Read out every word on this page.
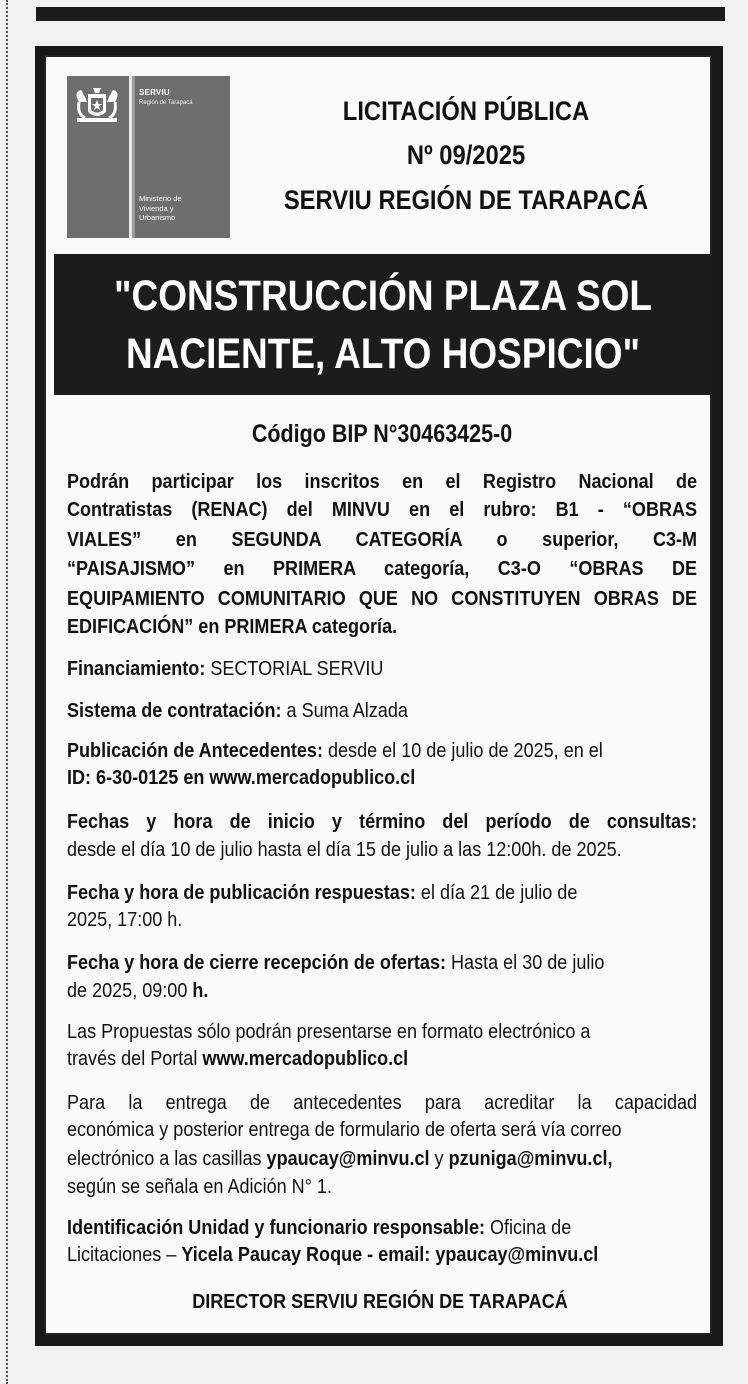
SERVIU
Región de Tarapacá
Ministerio de
Vivienda y
Urbanismo
LICITACIÓN PÚBLICA
Nº 09/2025
SERVIU REGIÓN DE TARAPACÁ
"CONSTRUCCIÓN PLAZA SOL
NACIENTE, ALTO HOSPICIO"
Código BIP N°30463425-0
Podrán participar los inscritos en el Registro Nacional de
Contratistas (RENAC) del MINVU en el rubro: B1 - “OBRAS
VIALES” en SEGUNDA CATEGORÍA o superior, C3-M
“PAISAJISMO” en PRIMERA categoría, C3-O “OBRAS DE
EQUIPAMIENTO COMUNITARIO QUE NO CONSTITUYEN OBRAS DE
EDIFICACIÓN” en PRIMERA categoría.
Financiamiento: SECTORIAL SERVIU
Sistema de contratación: a Suma Alzada
Publicación de Antecedentes: desde el 10 de julio de 2025, en el
ID: 6-30-0125 en www.mercadopublico.cl
Fechas y hora de inicio y término del período de consultas:
desde el día 10 de julio hasta el día 15 de julio a las 12:00h. de 2025.
Fecha y hora de publicación respuestas: el día 21 de julio de
2025, 17:00 h.
Fecha y hora de cierre recepción de ofertas: Hasta el 30 de julio
de 2025, 09:00 h.
Las Propuestas sólo podrán presentarse en formato electrónico a
través del Portal www.mercadopublico.cl
Para la entrega de antecedentes para acreditar la capacidad
económica y posterior entrega de formulario de oferta será vía correo
electrónico a las casillas ypaucay@minvu.cl y pzuniga@minvu.cl,
según se señala en Adición N° 1.
Identificación Unidad y funcionario responsable: Oficina de
Licitaciones – Yicela Paucay Roque - email: ypaucay@minvu.cl
DIRECTOR SERVIU REGIÓN DE TARAPACÁ
